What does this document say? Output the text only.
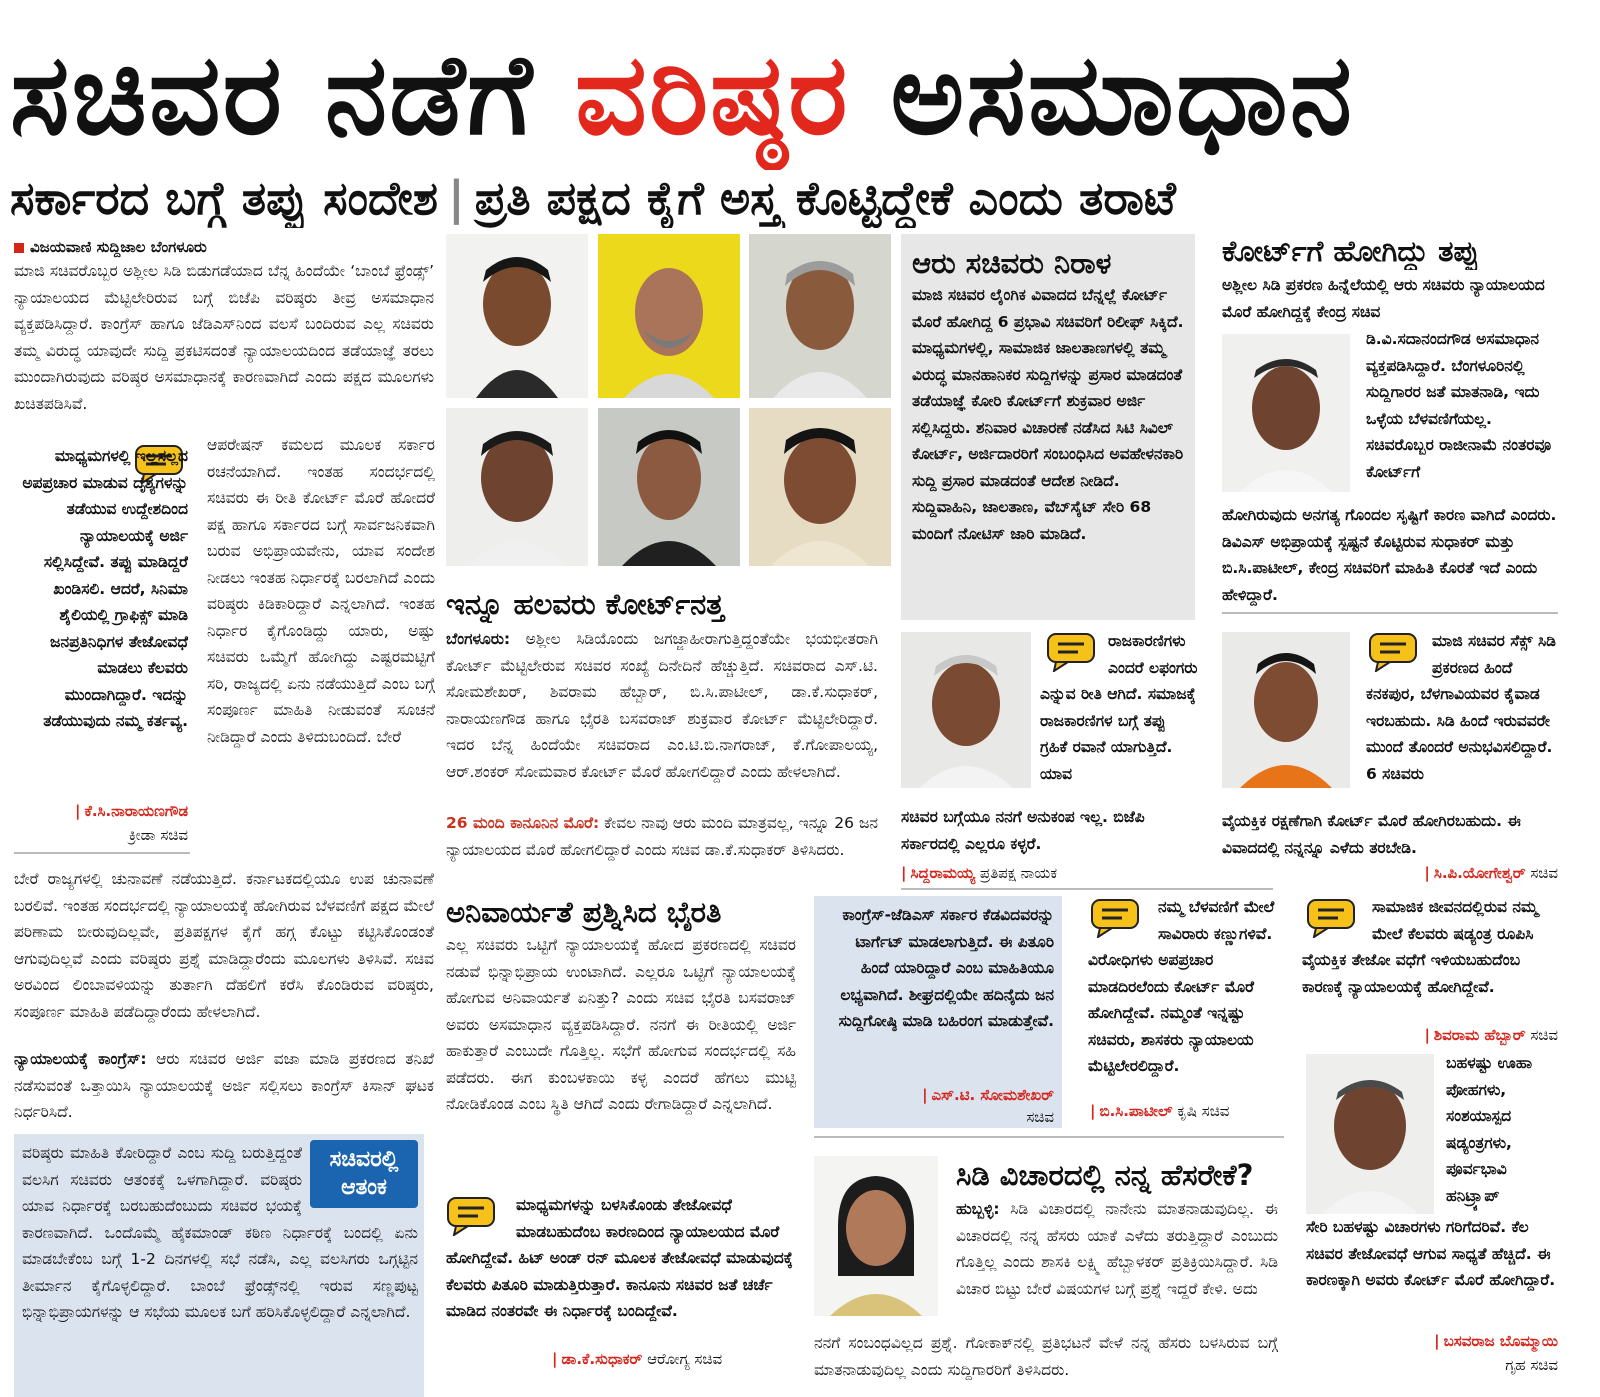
ಸಚಿವರ ನಡೆಗೆ ವರಿಷ್ಠರ ಅಸಮಾಧಾನ
ಸರ್ಕಾರದ ಬಗ್ಗೆ ತಪ್ಪು ಸಂದೇಶ | ಪ್ರತಿ ಪಕ್ಷದ ಕೈಗೆ ಅಸ್ತ್ರ ಕೊಟ್ಟಿದ್ದೇಕೆ ಎಂದು ತರಾಟೆ
ವಿಜಯವಾಣಿ ಸುದ್ದಿಜಾಲ ಬೆಂಗಳೂರು
ಮಾಜಿ ಸಚಿವರೊಬ್ಬರ ಅಶ್ಲೀಲ ಸಿಡಿ ಬಿಡುಗಡೆಯಾದ ಬೆನ್ನ ಹಿಂದೆಯೇ ‘ಬಾಂಬೆ ಫ್ರೆಂಡ್ಸ್’ ನ್ಯಾಯಾಲಯದ ಮೆಟ್ಟಿಲೇರಿರುವ ಬಗ್ಗೆ ಬಿಜೆಪಿ ವರಿಷ್ಠರು ತೀವ್ರ ಅಸಮಾಧಾನ ವ್ಯಕ್ತಪಡಿಸಿದ್ದಾರೆ. ಕಾಂಗ್ರೆಸ್ ಹಾಗೂ ಜೆಡಿಎಸ್‌ನಿಂದ ವಲಸೆ ಬಂದಿರುವ ಎಲ್ಲ ಸಚಿವರು ತಮ್ಮ ವಿರುದ್ಧ ಯಾವುದೇ ಸುದ್ದಿ ಪ್ರಕಟಿಸದಂತೆ ನ್ಯಾಯಾಲಯದಿಂದ ತಡೆಯಾಜ್ಞೆ ತರಲು ಮುಂದಾಗಿರುವುದು ವರಿಷ್ಠರ ಅಸಮಾಧಾನಕ್ಕೆ ಕಾರಣವಾಗಿದೆ ಎಂದು ಪಕ್ಷದ ಮೂಲಗಳು ಖಚಿತಪಡಿಸಿವೆ.
ಮಾಧ್ಯಮಗಳಲ್ಲಿ ಇಲ್ಲಸಲ್ಲದ ಅಪಪ್ರಚಾರ ಮಾಡುವ ದೃಶ್ಯಗಳನ್ನು ತಡೆಯುವ ಉದ್ದೇಶದಿಂದ ನ್ಯಾಯಾಲಯಕ್ಕೆ ಅರ್ಜಿ ಸಲ್ಲಿಸಿದ್ದೇವೆ. ತಪ್ಪು ಮಾಡಿದ್ದರೆ ಖಂಡಿಸಲಿ. ಆದರೆ, ಸಿನಿಮಾ ಶೈಲಿಯಲ್ಲಿ ಗ್ರಾಫಿಕ್ಸ್ ಮಾಡಿ ಜನಪ್ರತಿನಿಧಿಗಳ ತೇಜೋವಧೆ ಮಾಡಲು ಕೆಲವರು ಮುಂದಾಗಿದ್ದಾರೆ. ಇದನ್ನು ತಡೆಯುವುದು ನಮ್ಮ ಕರ್ತವ್ಯ.
| ಕೆ.ಸಿ.ನಾರಾಯಣಗೌಡ
ಕ್ರೀಡಾ ಸಚಿವ
ಆಪರೇಷನ್ ಕಮಲದ ಮೂಲಕ ಸರ್ಕಾರ ರಚನೆಯಾಗಿದೆ. ಇಂತಹ ಸಂದರ್ಭದಲ್ಲಿ ಸಚಿವರು ಈ ರೀತಿ ಕೋರ್ಟ್ ಮೊರೆ ಹೋದರೆ ಪಕ್ಷ ಹಾಗೂ ಸರ್ಕಾರದ ಬಗ್ಗೆ ಸಾರ್ವಜನಿಕವಾಗಿ ಬರುವ ಅಭಿಪ್ರಾಯವೇನು, ಯಾವ ಸಂದೇಶ ನೀಡಲು ಇಂತಹ ನಿರ್ಧಾರಕ್ಕೆ ಬರಲಾಗಿದೆ ಎಂದು ವರಿಷ್ಠರು ಕಿಡಿಕಾರಿದ್ದಾರೆ ಎನ್ನಲಾಗಿದೆ. ಇಂತಹ ನಿರ್ಧಾರ ಕೈಗೊಂಡಿದ್ದು ಯಾರು, ಅಷ್ಟು ಸಚಿವರು ಒಮ್ಮೆಗೆ ಹೋಗಿದ್ದು ಎಷ್ಟರಮಟ್ಟಿಗೆ ಸರಿ, ರಾಜ್ಯದಲ್ಲಿ ಏನು ನಡೆಯುತ್ತಿದೆ ಎಂಬ ಬಗ್ಗೆ ಸಂಪೂರ್ಣ ಮಾಹಿತಿ ನೀಡುವಂತೆ ಸೂಚನೆ ನೀಡಿದ್ದಾರೆ ಎಂದು ತಿಳಿದುಬಂದಿದೆ. ಬೇರೆ
ಬೇರೆ ರಾಜ್ಯಗಳಲ್ಲಿ ಚುನಾವಣೆ ನಡೆಯುತ್ತಿದೆ. ಕರ್ನಾಟಕದಲ್ಲಿಯೂ ಉಪ ಚುನಾವಣೆ ಬರಲಿವೆ. ಇಂತಹ ಸಂದರ್ಭದಲ್ಲಿ ನ್ಯಾಯಾಲಯಕ್ಕೆ ಹೋಗಿರುವ ಬೆಳವಣಿಗೆ ಪಕ್ಷದ ಮೇಲೆ ಪರಿಣಾಮ ಬೀರುವುದಿಲ್ಲವೇ, ಪ್ರತಿಪಕ್ಷಗಳ ಕೈಗೆ ಹಗ್ಗ ಕೊಟ್ಟು ಕಟ್ಟಿಸಿಕೊಂಡಂತೆ ಆಗುವುದಿಲ್ಲವೆ ಎಂದು ವರಿಷ್ಠರು ಪ್ರಶ್ನೆ ಮಾಡಿದ್ದಾರೆಂದು ಮೂಲಗಳು ತಿಳಿಸಿವೆ. ಸಚಿವ ಅರವಿಂದ ಲಿಂಬಾವಳಿಯನ್ನು ತುರ್ತಾಗಿ ದೆಹಲಿಗೆ ಕರೆಸಿ ಕೊಂಡಿರುವ ವರಿಷ್ಠರು, ಸಂಪೂರ್ಣ ಮಾಹಿತಿ ಪಡೆದಿದ್ದಾರೆಂದು ಹೇಳಲಾಗಿದೆ.
ನ್ಯಾಯಾಲಯಕ್ಕೆ ಕಾಂಗ್ರೆಸ್: ಆರು ಸಚಿವರ ಅರ್ಜಿ ವಜಾ ಮಾಡಿ ಪ್ರಕರಣದ ತನಿಖೆ ನಡೆಸುವಂತೆ ಒತ್ತಾಯಿಸಿ ನ್ಯಾಯಾಲಯಕ್ಕೆ ಅರ್ಜಿ ಸಲ್ಲಿಸಲು ಕಾಂಗ್ರೆಸ್ ಕಿಸಾನ್ ಘಟಕ ನಿರ್ಧರಿಸಿದೆ.
ಸಚಿವರಲ್ಲಿ ಆತಂಕ
ವರಿಷ್ಠರು ಮಾಹಿತಿ ಕೋರಿದ್ದಾರೆ ಎಂಬ ಸುದ್ದಿ ಬರುತ್ತಿದ್ದಂತೆ ವಲಸಿಗ ಸಚಿವರು ಆತಂಕಕ್ಕೆ ಒಳಗಾಗಿದ್ದಾರೆ. ವರಿಷ್ಠರು ಯಾವ ನಿರ್ಧಾರಕ್ಕೆ ಬರಬಹುದೆಂಬುದು ಸಚಿವರ ಭಯಕ್ಕೆ ಕಾರಣವಾಗಿದೆ. ಒಂದೊಮ್ಮೆ ಹೈಕಮಾಂಡ್ ಕಠಿಣ ನಿರ್ಧಾರಕ್ಕೆ ಬಂದಲ್ಲಿ ಏನು ಮಾಡಬೇಕೆಂಬ ಬಗ್ಗೆ 1-2 ದಿನಗಳಲ್ಲಿ ಸಭೆ ನಡೆಸಿ, ಎಲ್ಲ ವಲಸಿಗರು ಒಗ್ಗಟ್ಟಿನ ತೀರ್ಮಾನ ಕೈಗೊಳ್ಳಲಿದ್ದಾರೆ. ಬಾಂಬೆ ಫ್ರೆಂಡ್ಸ್‌ನಲ್ಲಿ ಇರುವ ಸಣ್ಣಪುಟ್ಟ ಭಿನ್ನಾಭಿಪ್ರಾಯಗಳನ್ನು ಆ ಸಭೆಯ ಮೂಲಕ ಬಗೆ ಹರಿಸಿಕೊಳ್ಳಲಿದ್ದಾರೆ ಎನ್ನಲಾಗಿದೆ.
ಇನ್ನೂ ಹಲವರು ಕೋರ್ಟ್‌ನತ್ತ
ಬೆಂಗಳೂರು: ಅಶ್ಲೀಲ ಸಿಡಿಯೊಂದು ಜಗಜ್ಜಾಹೀರಾಗುತ್ತಿದ್ದಂತೆಯೇ ಭಯಭೀತರಾಗಿ ಕೋರ್ಟ್ ಮೆಟ್ಟಿಲೇರುವ ಸಚಿವರ ಸಂಖ್ಯೆ ದಿನೇದಿನೆ ಹೆಚ್ಚುತ್ತಿದೆ. ಸಚಿವರಾದ ಎಸ್.ಟಿ. ಸೋಮಶೇಖರ್, ಶಿವರಾಮ ಹೆಬ್ಬಾರ್, ಬಿ.ಸಿ.ಪಾಟೀಲ್, ಡಾ.ಕೆ.ಸುಧಾಕರ್, ನಾರಾಯಣಗೌಡ ಹಾಗೂ ಭೈರತಿ ಬಸವರಾಜ್ ಶುಕ್ರವಾರ ಕೋರ್ಟ್ ಮೆಟ್ಟಿಲೇರಿದ್ದಾರೆ. ಇದರ ಬೆನ್ನ ಹಿಂದೆಯೇ ಸಚಿವರಾದ ಎಂ.ಟಿ.ಬಿ.ನಾಗರಾಜ್, ಕೆ.ಗೋಪಾಲಯ್ಯ, ಆರ್.ಶಂಕರ್ ಸೋಮವಾರ ಕೋರ್ಟ್ ಮೊರೆ ಹೋಗಲಿದ್ದಾರೆ ಎಂದು ಹೇಳಲಾಗಿದೆ.
26 ಮಂದಿ ಕಾನೂನಿನ ಮೊರೆ: ಕೇವಲ ನಾವು ಆರು ಮಂದಿ ಮಾತ್ರವಲ್ಲ, ಇನ್ನೂ 26 ಜನ ನ್ಯಾಯಾಲಯದ ಮೊರೆ ಹೋಗಲಿದ್ದಾರೆ ಎಂದು ಸಚಿವ ಡಾ.ಕೆ.ಸುಧಾಕರ್ ತಿಳಿಸಿದರು.
ಅನಿವಾರ್ಯತೆ ಪ್ರಶ್ನಿಸಿದ ಭೈರತಿ
ಎಲ್ಲ ಸಚಿವರು ಒಟ್ಟಿಗೆ ನ್ಯಾಯಾಲಯಕ್ಕೆ ಹೋದ ಪ್ರಕರಣದಲ್ಲಿ ಸಚಿವರ ನಡುವೆ ಭಿನ್ನಾಭಿಪ್ರಾಯ ಉಂಟಾಗಿದೆ. ಎಲ್ಲರೂ ಒಟ್ಟಿಗೆ ನ್ಯಾಯಾಲಯಕ್ಕೆ ಹೋಗುವ ಅನಿವಾರ್ಯತೆ ಏನಿತ್ತು? ಎಂದು ಸಚಿವ ಭೈರತಿ ಬಸವರಾಜ್ ಅವರು ಅಸಮಾಧಾನ ವ್ಯಕ್ತಪಡಿಸಿದ್ದಾರೆ. ನನಗೆ ಈ ರೀತಿಯಲ್ಲಿ ಅರ್ಜಿ ಹಾಕುತ್ತಾರೆ ಎಂಬುದೇ ಗೊತ್ತಿಲ್ಲ. ಸಭೆಗೆ ಹೋಗುವ ಸಂದರ್ಭದಲ್ಲಿ ಸಹಿ ಪಡೆದರು. ಈಗ ಕುಂಬಳಕಾಯಿ ಕಳ್ಳ ಎಂದರೆ ಹೆಗಲು ಮುಟ್ಟಿ ನೋಡಿಕೊಂಡ ಎಂಬ ಸ್ಥಿತಿ ಆಗಿದೆ ಎಂದು ರೇಗಾಡಿದ್ದಾರೆ ಎನ್ನಲಾಗಿದೆ.
ಮಾಧ್ಯಮಗಳನ್ನು ಬಳಸಿಕೊಂಡು ತೇಜೋವಧೆ ಮಾಡಬಹುದೆಂಬ ಕಾರಣದಿಂದ ನ್ಯಾಯಾಲಯದ ಮೊರೆ ಹೋಗಿದ್ದೇವೆ. ಹಿಟ್ ಅಂಡ್ ರನ್ ಮೂಲಕ ತೇಜೋವಧೆ ಮಾಡುವುದಕ್ಕೆ ಕೆಲವರು ಪಿತೂರಿ ಮಾಡುತ್ತಿರುತ್ತಾರೆ. ಕಾನೂನು ಸಚಿವರ ಜತೆ ಚರ್ಚೆ ಮಾಡಿದ ನಂತರವೇ ಈ ನಿರ್ಧಾರಕ್ಕೆ ಬಂದಿದ್ದೇವೆ.
| ಡಾ.ಕೆ.ಸುಧಾಕರ್ ಆರೋಗ್ಯ ಸಚಿವ
ಆರು ಸಚಿವರು ನಿರಾಳ
ಮಾಜಿ ಸಚಿವರ ಲೈಂಗಿಕ ವಿವಾದದ ಬೆನ್ನಲ್ಲೆ ಕೋರ್ಟ್ ಮೊರೆ ಹೋಗಿದ್ದ 6 ಪ್ರಭಾವಿ ಸಚಿವರಿಗೆ ರಿಲೀಫ್ ಸಿಕ್ಕಿದೆ. ಮಾಧ್ಯಮಗಳಲ್ಲಿ, ಸಾಮಾಜಿಕ ಜಾಲತಾಣಗಳಲ್ಲಿ ತಮ್ಮ ವಿರುದ್ಧ ಮಾನಹಾನಿಕರ ಸುದ್ದಿಗಳನ್ನು ಪ್ರಸಾರ ಮಾಡದಂತೆ ತಡೆಯಾಜ್ಞೆ ಕೋರಿ ಕೋರ್ಟ್‌ಗೆ ಶುಕ್ರವಾರ ಅರ್ಜಿ ಸಲ್ಲಿಸಿದ್ದರು. ಶನಿವಾರ ವಿಚಾರಣೆ ನಡೆಸಿದ ಸಿಟಿ ಸಿವಿಲ್ ಕೋರ್ಟ್, ಅರ್ಜಿದಾರರಿಗೆ ಸಂಬಂಧಿಸಿದ ಅವಹೇಳನಕಾರಿ ಸುದ್ದಿ ಪ್ರಸಾರ ಮಾಡದಂತೆ ಆದೇಶ ನೀಡಿದೆ. ಸುದ್ದಿವಾಹಿನಿ, ಜಾಲತಾಣ, ವೆಬ್‌ಸೈಟ್ ಸೇರಿ 68 ಮಂದಿಗೆ ನೋಟಿಸ್ ಜಾರಿ ಮಾಡಿದೆ.
ರಾಜಕಾರಣಿಗಳು ಎಂದರೆ ಲಫಂಗರು ಎನ್ನುವ ರೀತಿ ಆಗಿದೆ. ಸಮಾಜಕ್ಕೆ ರಾಜಕಾರಣಿಗಳ ಬಗ್ಗೆ ತಪ್ಪು ಗ್ರಹಿಕೆ ರವಾನೆ ಯಾಗುತ್ತಿದೆ. ಯಾವ
ಸಚಿವರ ಬಗ್ಗೆಯೂ ನನಗೆ ಅನುಕಂಪ ಇಲ್ಲ. ಬಿಜೆಪಿ ಸರ್ಕಾರದಲ್ಲಿ ಎಲ್ಲರೂ ಕಳ್ಳರೆ.
| ಸಿದ್ದರಾಮಯ್ಯ ಪ್ರತಿಪಕ್ಷ ನಾಯಕ
ಕಾಂಗ್ರೆಸ್-ಜೆಡಿಎಸ್ ಸರ್ಕಾರ ಕೆಡವಿದವರನ್ನು ಟಾರ್ಗೆಟ್ ಮಾಡಲಾಗುತ್ತಿದೆ. ಈ ಪಿತೂರಿ ಹಿಂದೆ ಯಾರಿದ್ದಾರೆ ಎಂಬ ಮಾಹಿತಿಯೂ ಲಭ್ಯವಾಗಿದೆ. ಶೀಘ್ರದಲ್ಲಿಯೇ ಹದಿನೈದು ಜನ ಸುದ್ದಿಗೋಷ್ಠಿ ಮಾಡಿ ಬಹಿರಂಗ ಮಾಡುತ್ತೇವೆ.
| ಎಸ್.ಟಿ. ಸೋಮಶೇಖರ್
ಸಚಿವ
ನಮ್ಮ ಬೆಳವಣಿಗೆ ಮೇಲೆ ಸಾವಿರಾರು ಕಣ್ಣುಗಳಿವೆ. ವಿರೋಧಿಗಳು ಅಪಪ್ರಚಾರ ಮಾಡದಿರಲೆಂದು ಕೋರ್ಟ್ ಮೊರೆ ಹೋಗಿದ್ದೇವೆ. ನಮ್ಮಂತೆ ಇನ್ನಷ್ಟು ಸಚಿವರು, ಶಾಸಕರು ನ್ಯಾಯಾಲಯ ಮೆಟ್ಟಿಲೇರಲಿದ್ದಾರೆ.
| ಬಿ.ಸಿ.ಪಾಟೀಲ್ ಕೃಷಿ ಸಚಿವ
ಸಿಡಿ ವಿಚಾರದಲ್ಲಿ ನನ್ನ ಹೆಸರೇಕೆ?
ಹುಬ್ಬಳ್ಳಿ: ಸಿಡಿ ವಿಚಾರದಲ್ಲಿ ನಾನೇನು ಮಾತನಾಡುವುದಿಲ್ಲ. ಈ ವಿಚಾರದಲ್ಲಿ ನನ್ನ ಹೆಸರು ಯಾಕೆ ಎಳೆದು ತರುತ್ತಿದ್ದಾರೆ ಎಂಬುದು ಗೊತ್ತಿಲ್ಲ ಎಂದು ಶಾಸಕಿ ಲಕ್ಷ್ಮಿ ಹೆಬ್ಬಾಳಕರ್ ಪ್ರತಿಕ್ರಿಯಿಸಿದ್ದಾರೆ. ಸಿಡಿ ವಿಚಾರ ಬಿಟ್ಟು ಬೇರೆ ವಿಷಯಗಳ ಬಗ್ಗೆ ಪ್ರಶ್ನೆ ಇದ್ದರೆ ಕೇಳಿ. ಅದು
ನನಗೆ ಸಂಬಂಧವಿಲ್ಲದ ಪ್ರಶ್ನೆ. ಗೋಕಾಕ್‌ನಲ್ಲಿ ಪ್ರತಿಭಟನೆ ವೇಳೆ ನನ್ನ ಹೆಸರು ಬಳಸಿರುವ ಬಗ್ಗೆ ಮಾತನಾಡುವುದಿಲ್ಲ ಎಂದು ಸುದ್ದಿಗಾರರಿಗೆ ತಿಳಿಸಿದರು.
ಕೋರ್ಟ್‌ಗೆ ಹೋಗಿದ್ದು ತಪ್ಪು
ಅಶ್ಲೀಲ ಸಿಡಿ ಪ್ರಕರಣ ಹಿನ್ನೆಲೆಯಲ್ಲಿ ಆರು ಸಚಿವರು ನ್ಯಾಯಾಲಯದ ಮೊರೆ ಹೋಗಿದ್ದಕ್ಕೆ ಕೇಂದ್ರ ಸಚಿವ
ಡಿ.ವಿ.ಸದಾನಂದಗೌಡ ಅಸಮಾಧಾನ ವ್ಯಕ್ತಪಡಿಸಿದ್ದಾರೆ. ಬೆಂಗಳೂರಿನಲ್ಲಿ ಸುದ್ದಿಗಾರರ ಜತೆ ಮಾತನಾಡಿ, ಇದು ಒಳ್ಳೆಯ ಬೆಳವಣಿಗೆಯಲ್ಲ. ಸಚಿವರೊಬ್ಬರ ರಾಜೀನಾಮೆ ನಂತರವೂ ಕೋರ್ಟ್‌ಗೆ
ಹೋಗಿರುವುದು ಅನಗತ್ಯ ಗೊಂದಲ ಸೃಷ್ಟಿಗೆ ಕಾರಣ ವಾಗಿದೆ ಎಂದರು. ಡಿವಿಎಸ್ ಅಭಿಪ್ರಾಯಕ್ಕೆ ಸ್ಪಷ್ಟನೆ ಕೊಟ್ಟಿರುವ ಸುಧಾಕರ್ ಮತ್ತು ಬಿ.ಸಿ.ಪಾಟೀಲ್, ಕೇಂದ್ರ ಸಚಿವರಿಗೆ ಮಾಹಿತಿ ಕೊರತೆ ಇದೆ ಎಂದು ಹೇಳಿದ್ದಾರೆ.
ಮಾಜಿ ಸಚಿವರ ಸೆಕ್ಸ್ ಸಿಡಿ ಪ್ರಕರಣದ ಹಿಂದೆ ಕನಕಪುರ, ಬೆಳಗಾವಿಯವರ ಕೈವಾಡ ಇರಬಹುದು. ಸಿಡಿ ಹಿಂದೆ ಇರುವವರೇ ಮುಂದೆ ತೊಂದರೆ ಅನುಭವಿಸಲಿದ್ದಾರೆ. 6 ಸಚಿವರು
ವೈಯಕ್ತಿಕ ರಕ್ಷಣೆಗಾಗಿ ಕೋರ್ಟ್ ಮೊರೆ ಹೋಗಿರಬಹುದು. ಈ ವಿವಾದದಲ್ಲಿ ನನ್ನನ್ನೂ ಎಳೆದು ತರಬೇಡಿ.
| ಸಿ.ಪಿ.ಯೋಗೇಶ್ವರ್ ಸಚಿವ
ಸಾಮಾಜಿಕ ಜೀವನದಲ್ಲಿರುವ ನಮ್ಮ ಮೇಲೆ ಕೆಲವರು ಷಡ್ಯಂತ್ರ ರೂಪಿಸಿ ವೈಯಕ್ತಿಕ ತೇಜೋ ವಧೆಗೆ ಇಳಿಯಬಹುದೆಂಬ ಕಾರಣಕ್ಕೆ ನ್ಯಾಯಾಲಯಕ್ಕೆ ಹೋಗಿದ್ದೇವೆ.
| ಶಿವರಾಮ ಹೆಬ್ಬಾರ್ ಸಚಿವ
ಬಹಳಷ್ಟು ಊಹಾ ಪೋಹಗಳು, ಸಂಶಯಾಸ್ಪದ ಷಡ್ಯಂತ್ರಗಳು, ಪೂರ್ವಭಾವಿ ಹನಿಟ್ರ್ಯಾಪ್
ಸೇರಿ ಬಹಳಷ್ಟು ವಿಚಾರಗಳು ಗರಿಗೆದರಿವೆ. ಕೆಲ ಸಚಿವರ ತೇಜೋವಧೆ ಆಗುವ ಸಾಧ್ಯತೆ ಹೆಚ್ಚಿದೆ. ಈ ಕಾರಣಕ್ಕಾಗಿ ಅವರು ಕೋರ್ಟ್ ಮೊರೆ ಹೋಗಿದ್ದಾರೆ.
| ಬಸವರಾಜ ಬೊಮ್ಮಾಯಿ
ಗೃಹ ಸಚಿವ
